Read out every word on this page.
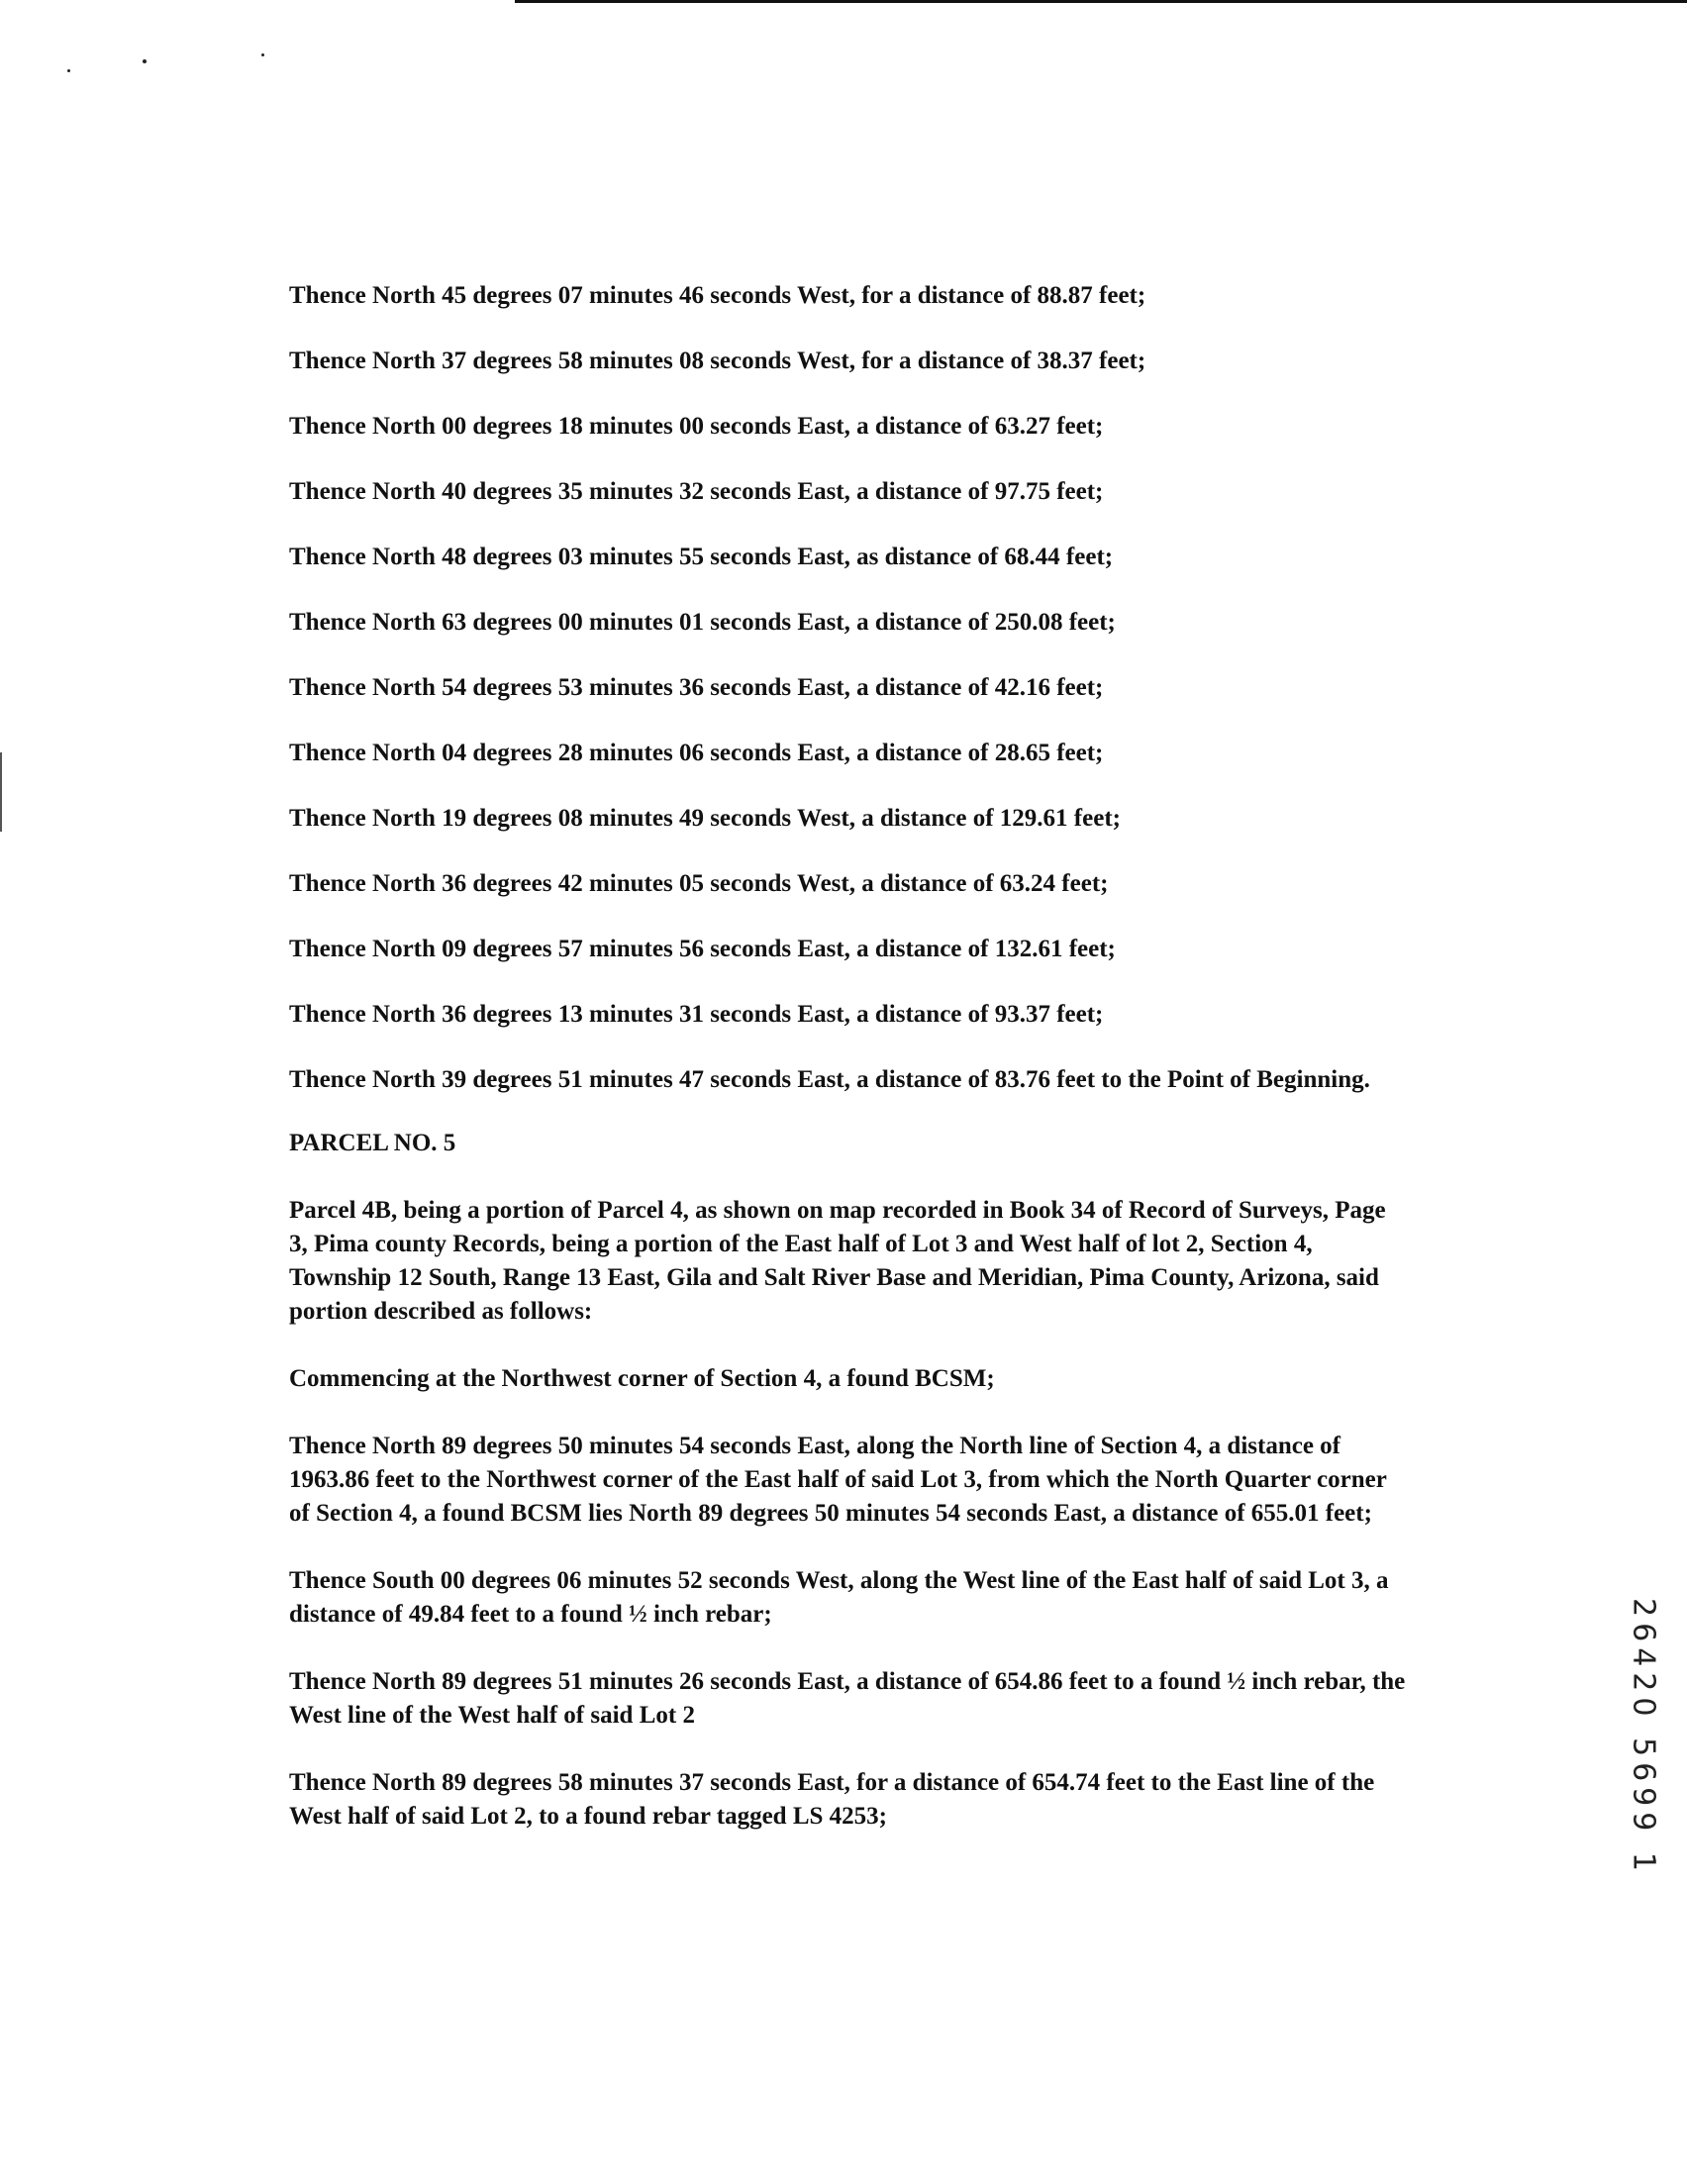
Thence North 45 degrees 07 minutes 46 seconds West, for a distance of 88.87 feet;

Thence North 37 degrees 58 minutes 08 seconds West, for a distance of 38.37 feet;

Thence North 00 degrees 18 minutes 00 seconds East, a distance of 63.27 feet;

Thence North 40 degrees 35 minutes 32 seconds East, a distance of 97.75 feet;

Thence North 48 degrees 03 minutes 55 seconds East, as distance of 68.44 feet;

Thence North 63 degrees 00 minutes 01 seconds East, a distance of 250.08 feet;

Thence North 54 degrees 53 minutes 36 seconds East, a distance of 42.16 feet;

Thence North 04 degrees 28 minutes 06 seconds East, a distance of 28.65 feet;

Thence North 19 degrees 08 minutes 49 seconds West, a distance of 129.61 feet;

Thence North 36 degrees 42 minutes 05 seconds West, a distance of 63.24 feet;

Thence North 09 degrees 57 minutes 56 seconds East, a distance of 132.61 feet;

Thence North 36 degrees 13 minutes 31 seconds East, a distance of 93.37 feet;

Thence North 39 degrees 51 minutes 47 seconds East, a distance of 83.76 feet to the Point of Beginning.

PARCEL NO. 5

Parcel 4B, being a portion of Parcel 4, as shown on map recorded in Book 34 of Record of Surveys, Page 3, Pima county Records, being a portion of the East half of Lot 3 and West half of lot 2, Section 4, Township 12 South, Range 13 East, Gila and Salt River Base and Meridian, Pima County, Arizona, said portion described as follows:

Commencing at the Northwest corner of Section 4, a found BCSM;

Thence North 89 degrees 50 minutes 54 seconds East, along the North line of Section 4, a distance of 1963.86 feet to the Northwest corner of the East half of said Lot 3, from which the North Quarter corner of Section 4, a found BCSM lies North 89 degrees 50 minutes 54 seconds East, a distance of 655.01 feet;

Thence South 00 degrees 06 minutes 52 seconds West, along the West line of the East half of said Lot 3, a distance of 49.84 feet to a found ½ inch rebar;

Thence North 89 degrees 51 minutes 26 seconds East, a distance of 654.86 feet to a found ½ inch rebar, the West line of the West half of said Lot 2

Thence North 89 degrees 58 minutes 37 seconds East, for a distance of 654.74 feet to the East line of the West half of said Lot 2, to a found rebar tagged LS 4253;	26420 5699 1
